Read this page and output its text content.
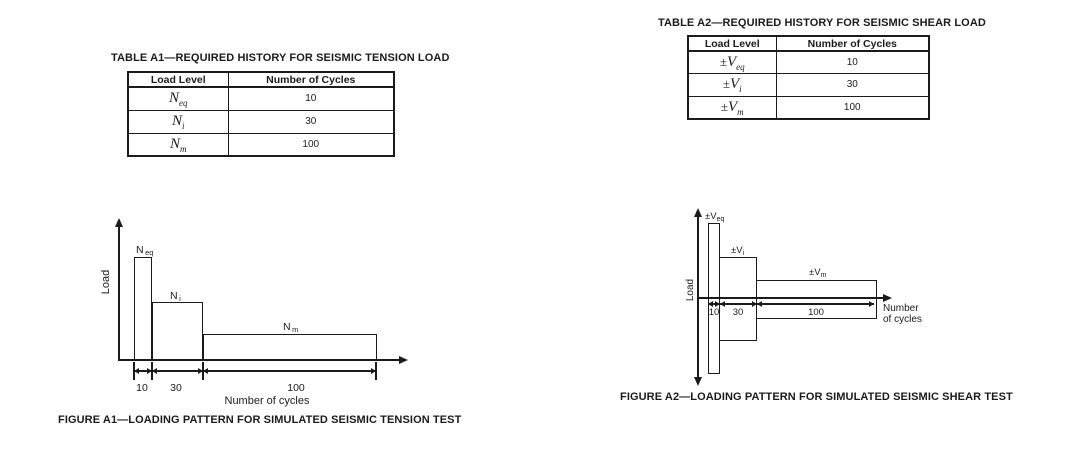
TABLE A1—REQUIRED HISTORY FOR SEISMIC TENSION LOAD
Load Level	Number of Cycles
$N_{eq}$	10
$N_i$	30
$N_m$	100
TABLE A2—REQUIRED HISTORY FOR SEISMIC SHEAR LOAD
Load Level	Number of Cycles
$\pm V_{eq}$	10
$\pm V_i$	30
$\pm V_m$	100
Load
Number of cycles
N $_{eq}$
N $_i$
N $_m$
10	30	100
FIGURE A1—LOADING PATTERN FOR SIMULATED SEISMIC TENSION TEST
Load
Number
of cycles
$\pm V_{eq}$
$\pm V_i$
$\pm V_m$
10	30	100
FIGURE A2—LOADING PATTERN FOR SIMULATED SEISMIC SHEAR TEST
